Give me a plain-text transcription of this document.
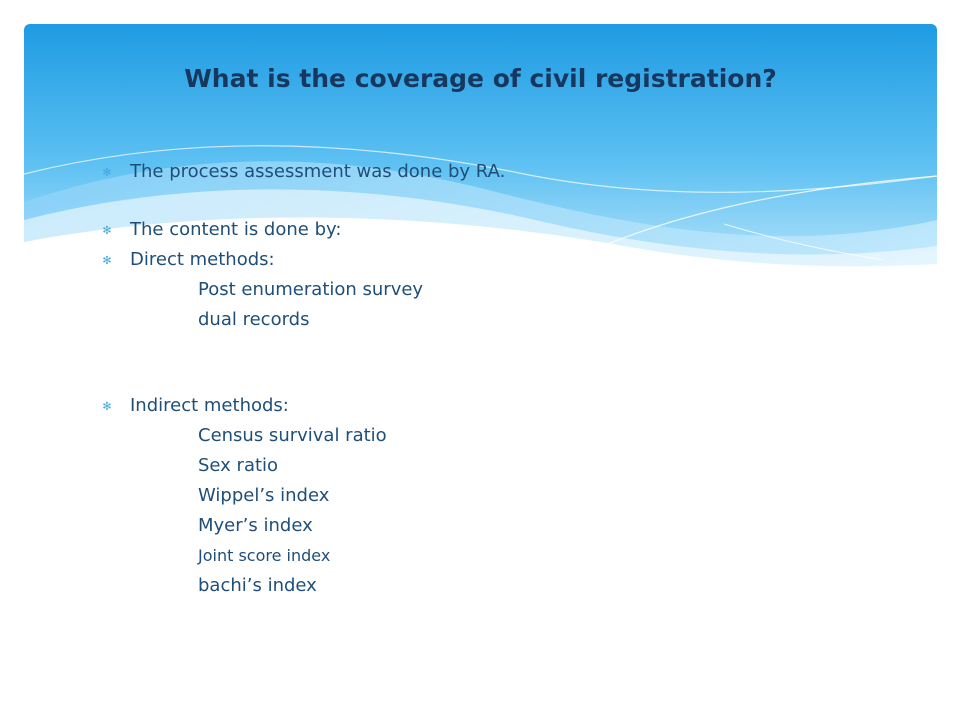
What is the coverage of civil registration?
✻ The process assessment was done by RA.
✻ The content is done by:
✻ Direct methods:
Post enumeration survey
dual records
✻ Indirect methods:
Census survival ratio
Sex ratio
Wippel’s index
Myer’s index
Joint score index
bachi’s index
